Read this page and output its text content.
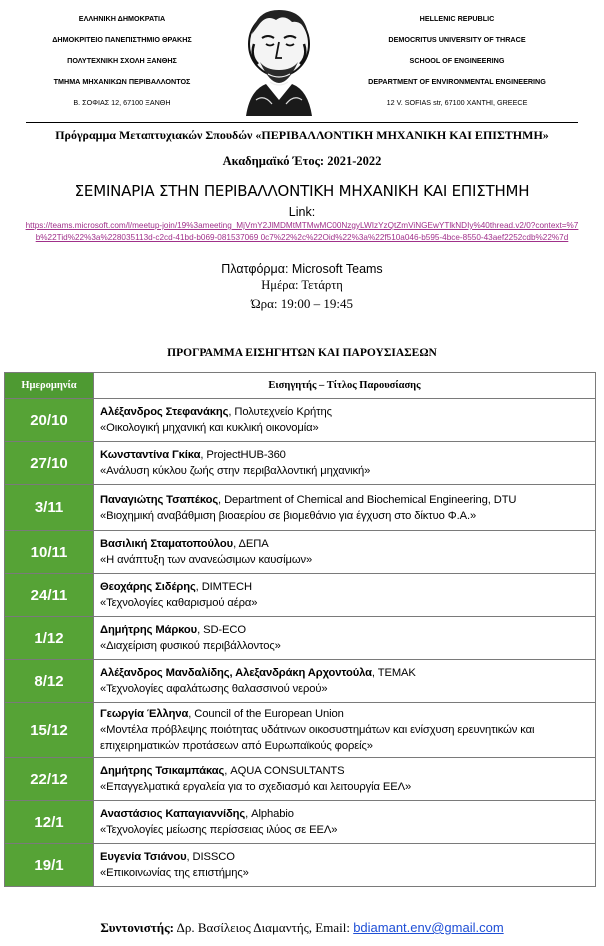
ΕΛΛΗΝΙΚΗ ΔΗΜΟΚΡΑΤΙΑ
ΔΗΜΟΚΡΙΤΕΙΟ ΠΑΝΕΠΙΣΤΗΜΙΟ ΘΡΑΚΗΣ
ΠΟΛΥΤΕΧΝΙΚΗ ΣΧΟΛΗ ΞΑΝΘΗΣ
ΤΜΗΜΑ ΜΗΧΑΝΙΚΩΝ ΠΕΡΙΒΑΛΛΟΝΤΟΣ
Β. ΣΟΦΙΑΣ 12, 67100 ΞΑΝΘΗ
HELLENIC REPUBLIC
DEMOCRITUS UNIVERSITY OF THRACE
SCHOOL OF ENGINEERING
DEPARTMENT OF ENVIRONMENTAL ENGINEERING
12 V. SOFIAS str, 67100 XANTHI, GREECE
Πρόγραμμα Μεταπτυχιακών Σπουδών «ΠΕΡΙΒΑΛΛΟΝΤΙΚΗ ΜΗΧΑΝΙΚΗ ΚΑΙ ΕΠΙΣΤΗΜΗ»
Ακαδημαϊκό Έτος: 2021-2022
ΣΕΜΙΝΑΡΙΑ ΣΤΗΝ ΠΕΡΙΒΑΛΛΟΝΤΙΚΗ ΜΗΧΑΝΙΚΗ ΚΑΙ ΕΠΙΣΤΗΜΗ
Link:
https://teams.microsoft.com/l/meetup-join/19%3ameeting_MjVmY2JlMDMtMTMwMC00NzgyLWIzYzQtZmViNGEwYTlkNDIy%40thread.v2/0?context=%7b%22Tid%22%3a%228035113d-c2cd-41bd-b069-081537069 0c7%22%2c%22Oid%22%3a%22f510a046-b595-4bce-8550-43aef2252cdb%22%7d
Πλατφόρμα: Microsoft Teams
Ημέρα: Τετάρτη
Ώρα: 19:00 – 19:45
ΠΡΟΓΡΑΜΜΑ ΕΙΣΗΓΗΤΩΝ ΚΑΙ ΠΑΡΟΥΣΙΑΣΕΩΝ
Ημερομηνία	Εισηγητής – Τίτλος Παρουσίασης
20/10	Αλέξανδρος Στεφανάκης, Πολυτεχνείο Κρήτης
«Οικολογική μηχανική και κυκλική οικονομία»

27/10	Κωνσταντίνα Γκίκα, ProjectHUB-360
«Ανάλυση κύκλου ζωής στην περιβαλλοντική μηχανική»

3/11	Παναγιώτης Τσαπέκος, Department of Chemical and Biochemical Engineering, DTU
«Βιοχημική αναβάθμιση βιοαερίου σε βιομεθάνιο για έγχυση στο δίκτυο Φ.Α.»

10/11	Βασιλική Σταματοπούλου, ΔΕΠΑ
«Η ανάπτυξη των ανανεώσιμων καυσίμων»

24/11	Θεοχάρης Σιδέρης, DIMTECH
«Τεχνολογίες καθαρισμού αέρα»

1/12	Δημήτρης Μάρκου, SD-ECO
«Διαχείριση φυσικού περιβάλλοντος»

8/12	Αλέξανδρος Μανδαλίδης, Αλεξανδράκη Αρχοντούλα, ΤΕΜΑΚ
«Τεχνολογίες αφαλάτωσης θαλασσινού νερού»

15/12	Γεωργία Έλληνα, Council of the European Union
«Μοντέλα πρόβλεψης ποιότητας υδάτινων οικοσυστημάτων και ενίσχυση ερευνητικών και επιχειρηματικών προτάσεων από Ευρωπαϊκούς φορείς»

22/12	Δημήτρης Τσικαμπάκας, AQUA CONSULTANTS
«Επαγγελματικά εργαλεία για το σχεδιασμό και λειτουργία ΕΕΛ»

12/1	Αναστάσιος Καπαγιαννίδης, Alphabio
«Τεχνολογίες μείωσης περίσσειας ιλύος σε ΕΕΛ»

19/1	Ευγενία Τσιάνου, DISSCO
«Επικοινωνίας της επιστήμης»
Συντονιστής: Δρ. Βασίλειος Διαμαντής, Email: bdiamant.env@gmail.com
